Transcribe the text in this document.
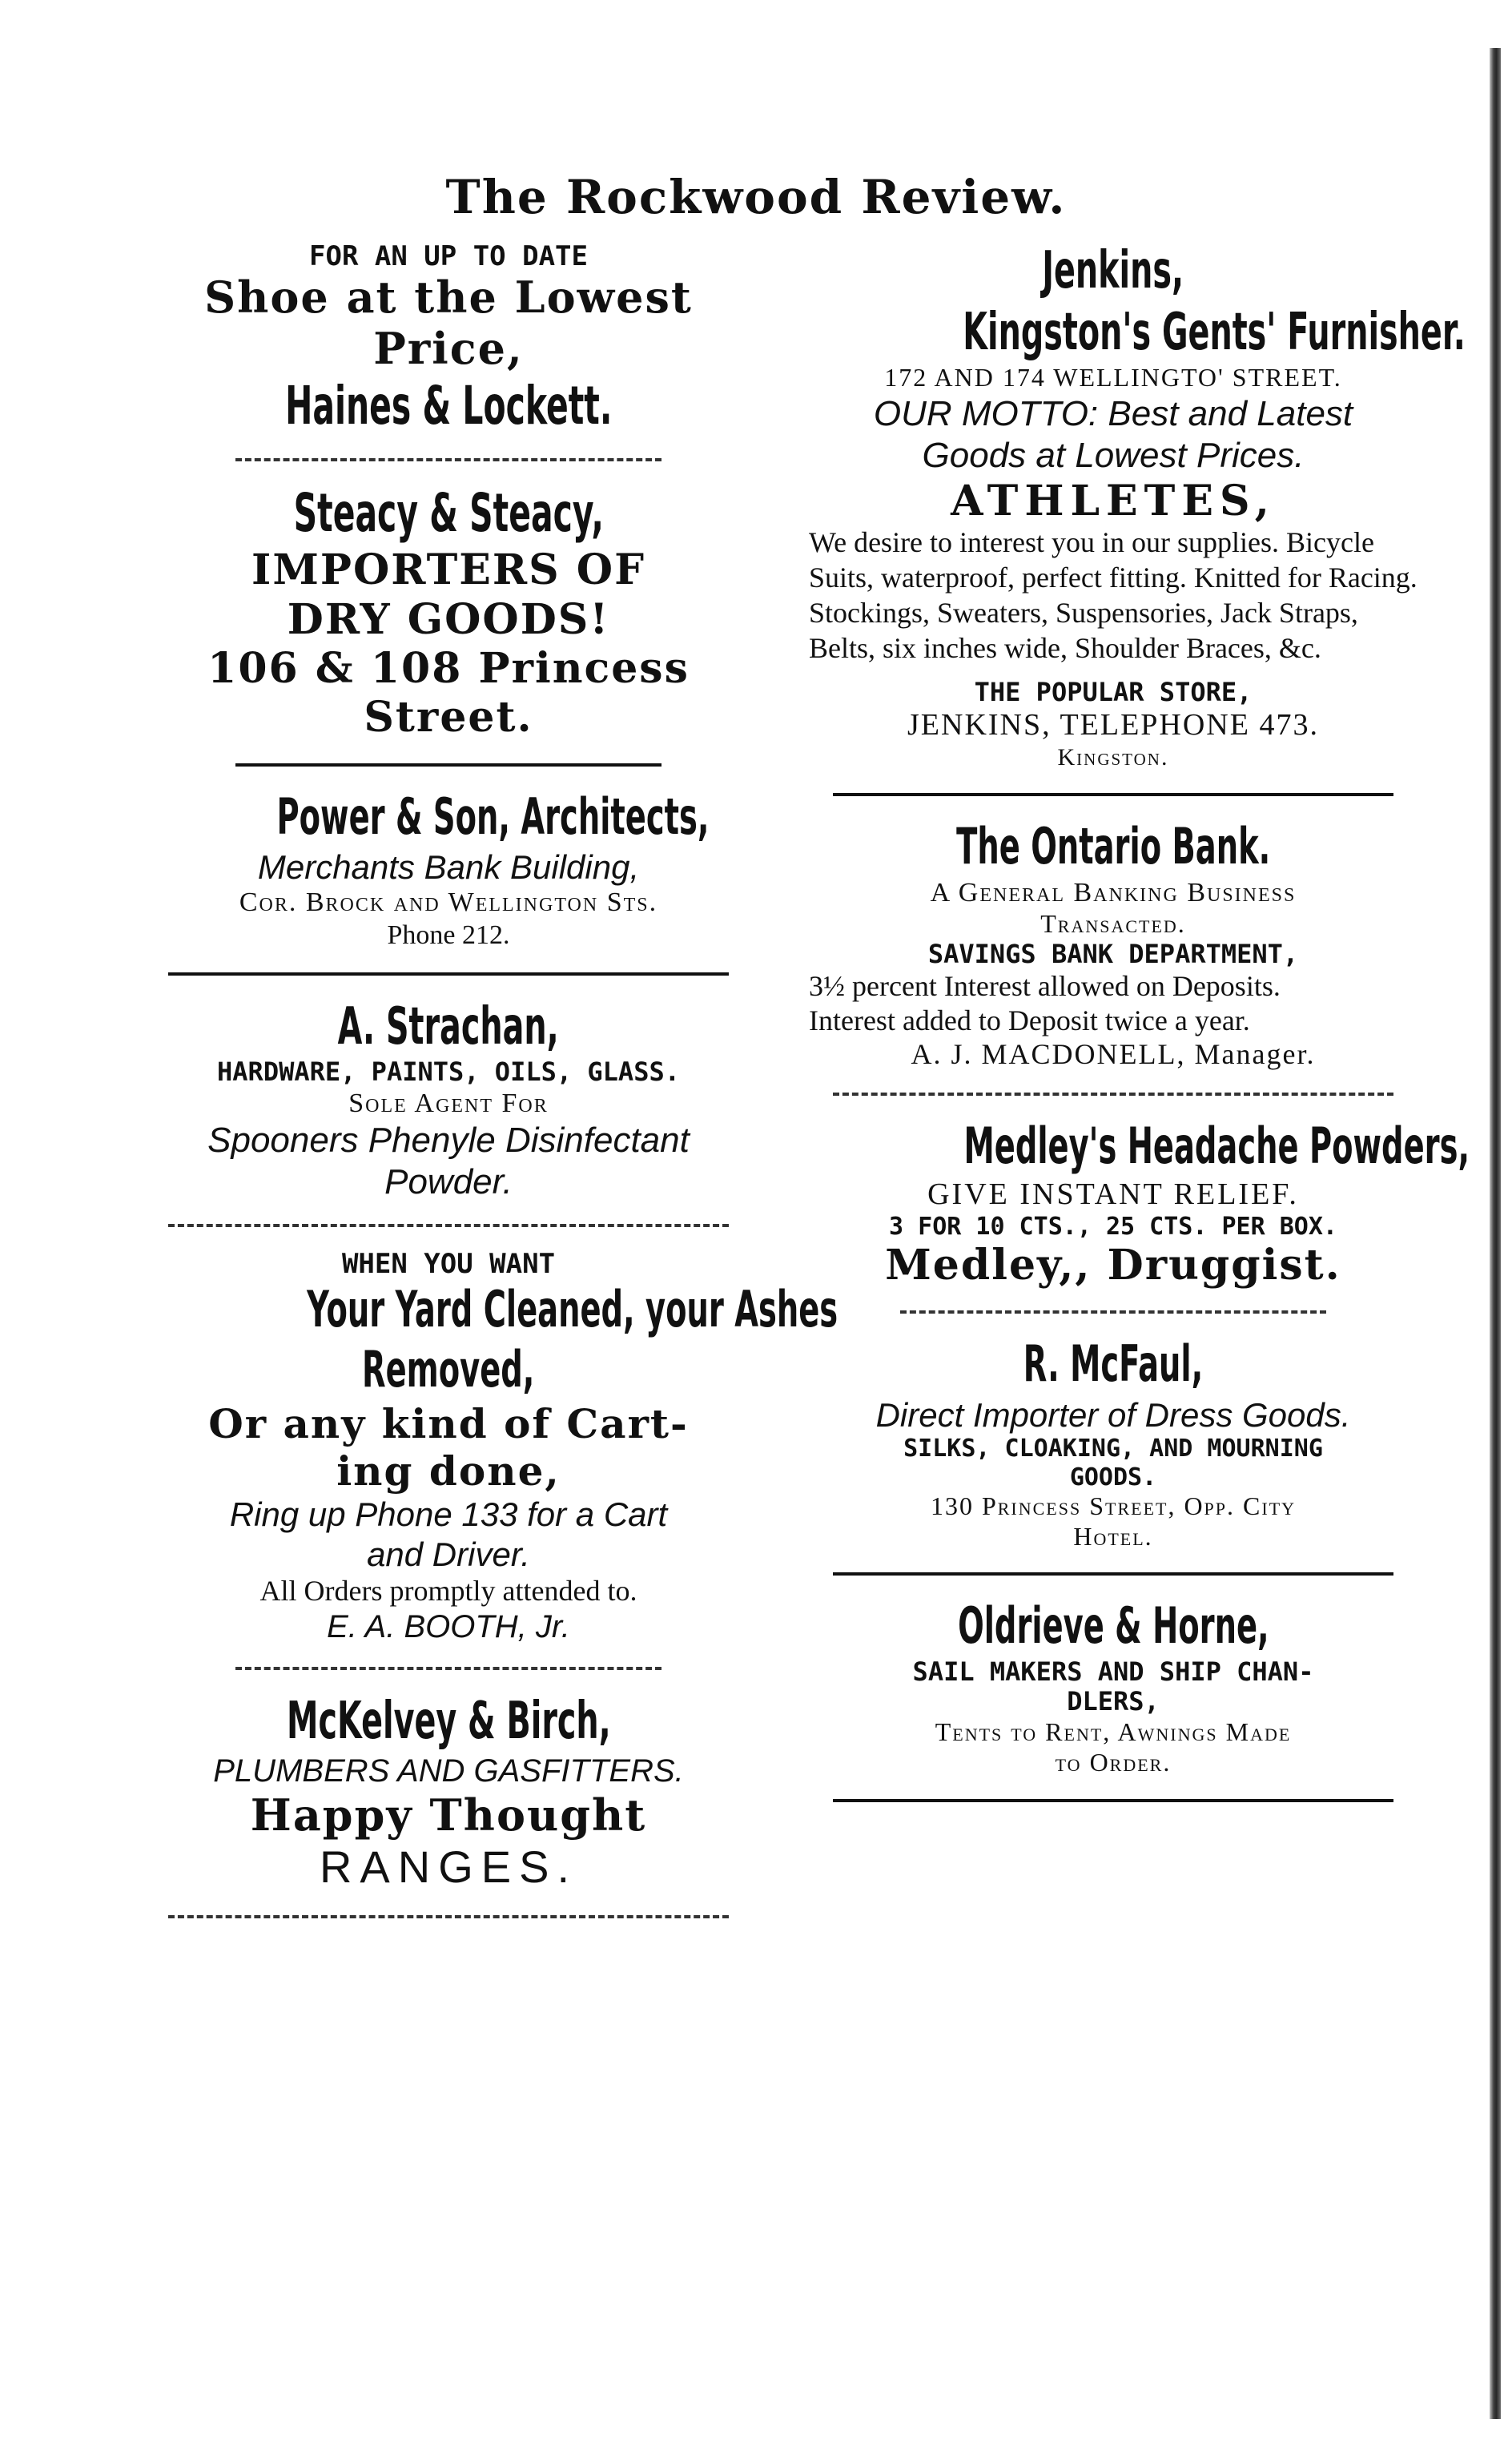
The Rockwood Review.

FOR AN UP TO DATE

Shoe at the Lowest

Price,

Haines & Lockett.

Steacy & Steacy,

IMPORTERS OF

DRY GOODS!

106 & 108 Princess

Street.

Power & Son, Architects,

Merchants Bank Building,

Cor. Brock and Wellington Sts.

Phone 212.

A. Strachan,

HARDWARE, PAINTS, OILS, GLASS.

Sole Agent For

Spooners Phenyle Disinfectant

Powder.

WHEN YOU WANT

Your Yard Cleaned, your Ashes

Removed,

Or any kind of Cart-

ing done,

Ring up Phone 133 for a Cart

and Driver.

All Orders promptly attended to.

E. A. BOOTH, Jr.

McKelvey & Birch,

PLUMBERS AND GASFITTERS.

Happy Thought

RANGES.

Jenkins,

Kingston's Gents' Furnisher.

172 AND 174 WELLINGTO' STREET.

OUR MOTTO: Best and Latest

Goods at Lowest Prices.

ATHLETES,

We desire to interest you in our supplies. Bicycle Suits, waterproof, perfect fitting. Knitted for Racing. Stockings, Sweaters, Suspensories, Jack Straps, Belts, six inches wide, Shoulder Braces, &c.

THE POPULAR STORE,

JENKINS, TELEPHONE 473.

Kingston.

The Ontario Bank.

A General Banking Business

Transacted.

SAVINGS BANK DEPARTMENT,

3½ percent Interest allowed on Deposits.

Interest added to Deposit twice a year.

A. J. MACDONELL, Manager.

Medley's Headache Powders,

GIVE INSTANT RELIEF.

3 FOR 10 CTS., 25 CTS. PER BOX.

Medley,, Druggist.

R. McFaul,

Direct Importer of Dress Goods.

SILKS, CLOAKING, AND MOURNING

GOODS.

130 Princess Street, Opp. City

Hotel.

Oldrieve & Horne,

SAIL MAKERS AND SHIP CHAN-

DLERS,

Tents to Rent, Awnings Made

to Order.
